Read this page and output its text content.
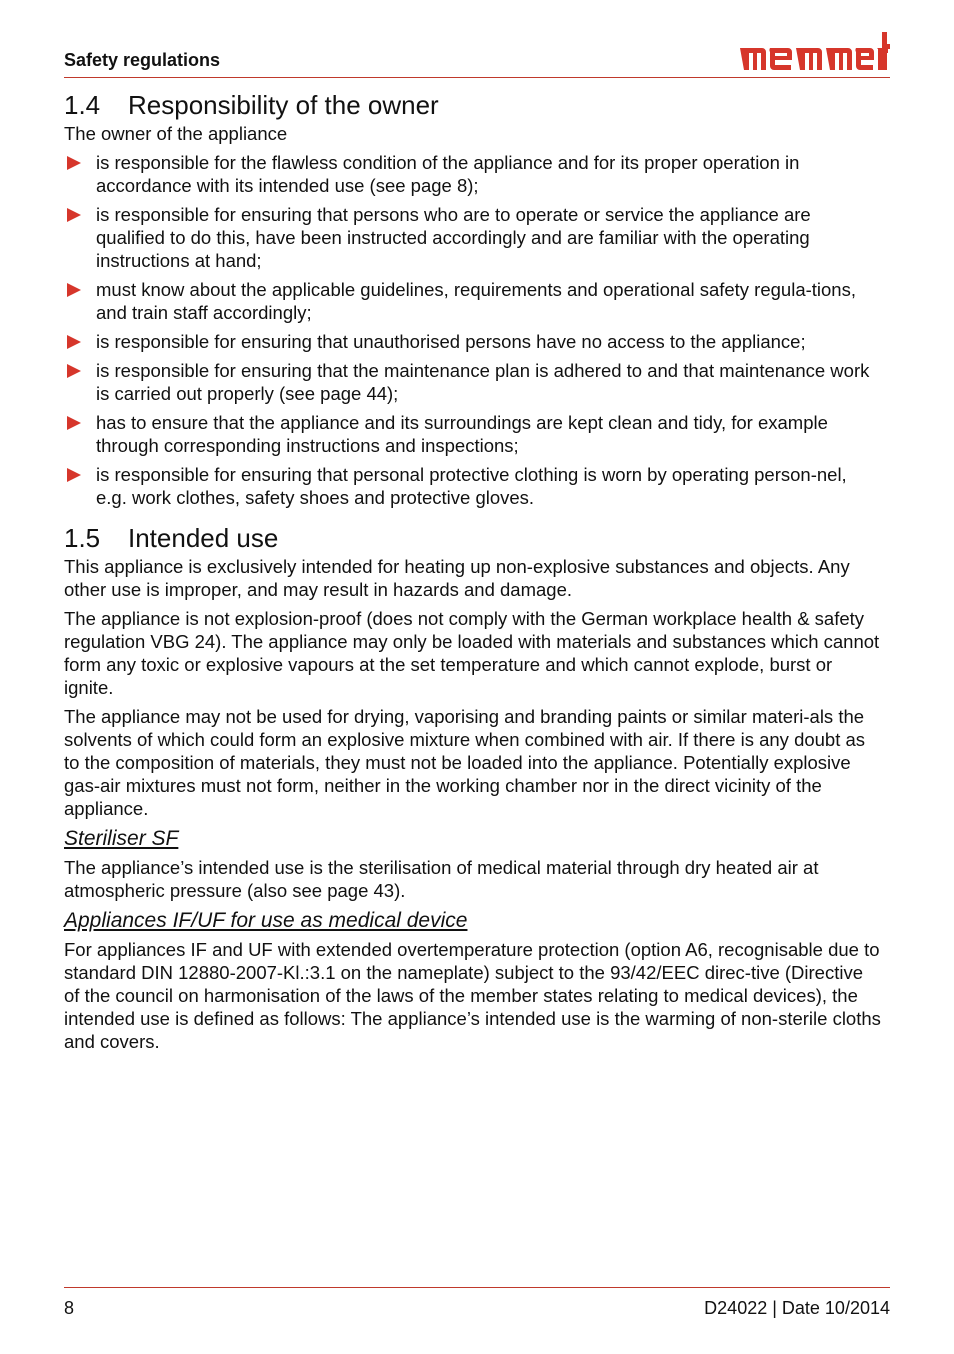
Safety regulations
1.4 Responsibility of the owner

The owner of the appliance

is responsible for the flawless condition of the appliance and for its proper operation in accordance with its intended use (see page 8);
is responsible for ensuring that persons who are to operate or service the appliance are qualified to do this, have been instructed accordingly and are familiar with the operating instructions at hand;
must know about the applicable guidelines, requirements and operational safety regula-tions, and train staff accordingly;
is responsible for ensuring that unauthorised persons have no access to the appliance;
is responsible for ensuring that the maintenance plan is adhered to and that maintenance work is carried out properly (see page 44);
has to ensure that the appliance and its surroundings are kept clean and tidy, for example through corresponding instructions and inspections;
is responsible for ensuring that personal protective clothing is worn by operating person-nel, e.g. work clothes, safety shoes and protective gloves.
1.5 Intended use

This appliance is exclusively intended for heating up non-explosive substances and objects. Any other use is improper, and may result in hazards and damage.

The appliance is not explosion-proof (does not comply with the German workplace health & safety regulation VBG 24). The appliance may only be loaded with materials and substances which cannot form any toxic or explosive vapours at the set temperature and which cannot explode, burst or ignite.

The appliance may not be used for drying, vaporising and branding paints or similar materi-als the solvents of which could form an explosive mixture when combined with air. If there is any doubt as to the composition of materials, they must not be loaded into the appliance. Potentially explosive gas-air mixtures must not form, neither in the working chamber nor in the direct vicinity of the appliance.

Steriliser SF

The appliance’s intended use is the sterilisation of medical material through dry heated air at atmospheric pressure (also see page 43).

Appliances IF/UF for use as medical device

For appliances IF and UF with extended overtemperature protection (option A6, recognisable due to standard DIN 12880-2007-Kl.:3.1 on the nameplate) subject to the 93/42/EEC direc-tive (Directive of the council on harmonisation of the laws of the member states relating to medical devices), the intended use is defined as follows: The appliance’s intended use is the warming of non-sterile cloths and covers.

8	D24022 | Date 10/2014
